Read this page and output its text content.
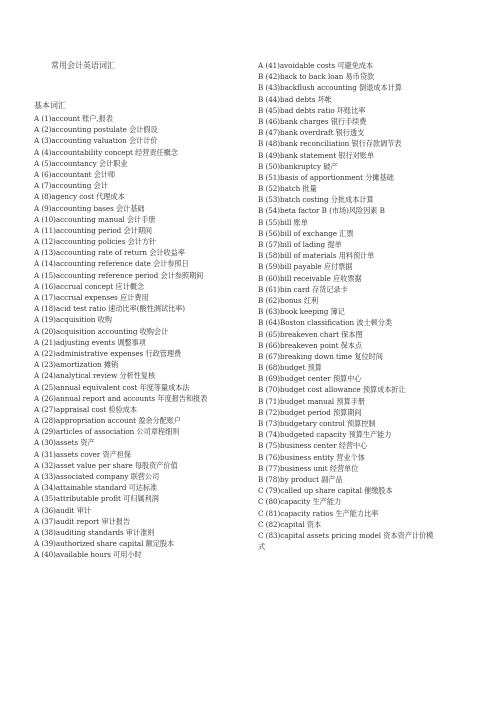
常用会计英语词汇
基本词汇
A (1)account 账户,报表
A (2)accounting postulate 会计假设
A (3)accounting valuation 会计计价
A (4)accountability concept 经营责任概念
A (5)accountancy 会计职业
A (6)accountant 会计师
A (7)accounting 会计
A (8)agency cost 代理成本
A (9)accounting bases 会计基础
A (10)accounting manual 会计手册
A (11)accounting period 会计期间
A (12)accounting policies 会计方针
A (13)accounting rate of return 会计收益率
A (14)accounting reference date 会计参照日
A (15)accounting reference period 会计参照期间
A (16)accrual concept 应计概念
A (17)accrual expenses 应计费用
A (18)acid test ratio 速动比率(酸性测试比率)
A (19)acquisition 收购
A (20)acquisition accounting 收购会计
A (21)adjusting events 调整事项
A (22)administrative expenses 行政管理费
A (23)amortization 摊销
A (24)analytical review 分析性复核
A (25)annual equivalent cost 年度等量成本法
A (26)annual report and accounts 年度报告和报表
A (27)appraisal cost 检验成本
A (28)appropriation account 盈余分配账户
A (29)articles of association 公司章程细则
A (30)assets 资产
A (31)assets cover 资产担保
A (32)asset value per share 每股资产价值
A (33)associated company 联营公司
A (34)attainable standard 可达标准
A (35)attributable profit 可归属利润
A (36)audit 审计
A (37)audit report 审计报告
A (38)auditing standards 审计准则
A (39)authorized share capital 额定股本
A (40)available hours 可用小时
A (41)avoidable costs 可避免成本
B (42)back to back loan 易币贷款
B (43)backflush accounting 倒退成本计算
B (44)bad debts 坏帐
B (45)bad debts ratio 坏账比率
B (46)bank charges 银行手续费
B (47)bank overdraft 银行透支
B (48)bank reconciliation 银行存款调节表
B (49)bank statement 银行对账单
B (50)bankruptcy 破产
B (51)basis of apportionment 分摊基础
B (52)batch 批量
B (53)batch costing 分批成本计算
B (54)beta factor B (市场)风险因素 B
B (55)bill 账单
B (56)bill of exchange 汇票
B (57)bill of lading 提单
B (58)bill of materials 用料预计单
B (59)bill payable 应付票据
B (60)bill receivable 应收票据
B (61)bin card 存货记录卡
B (62)bonus 红利
B (63)book keeping 簿记
B (64)Boston classification 波士顿分类
B (65)breakeven chart 保本图
B (66)breakeven point 保本点
B (67)breaking down time 复位时间
B (68)budget 预算
B (69)budget center 预算中心
B (70)budget cost allowance 预算成本折让
B (71)budget manual 预算手册
B (72)budget period 预算期间
B (73)budgetary control 预算控制
B (74)budgeted capacity 预算生产能力
B (75)business center 经营中心
B (76)business entity 营业个体
B (77)business unit 经营单位
B (78)by product 副产品
C (79)called up share capital 催缴股本
C (80)capacity 生产能力
C (81)capacity ratios 生产能力比率
C (82)capital 资本
C (83)capital assets pricing model 资本资产计价模
式
